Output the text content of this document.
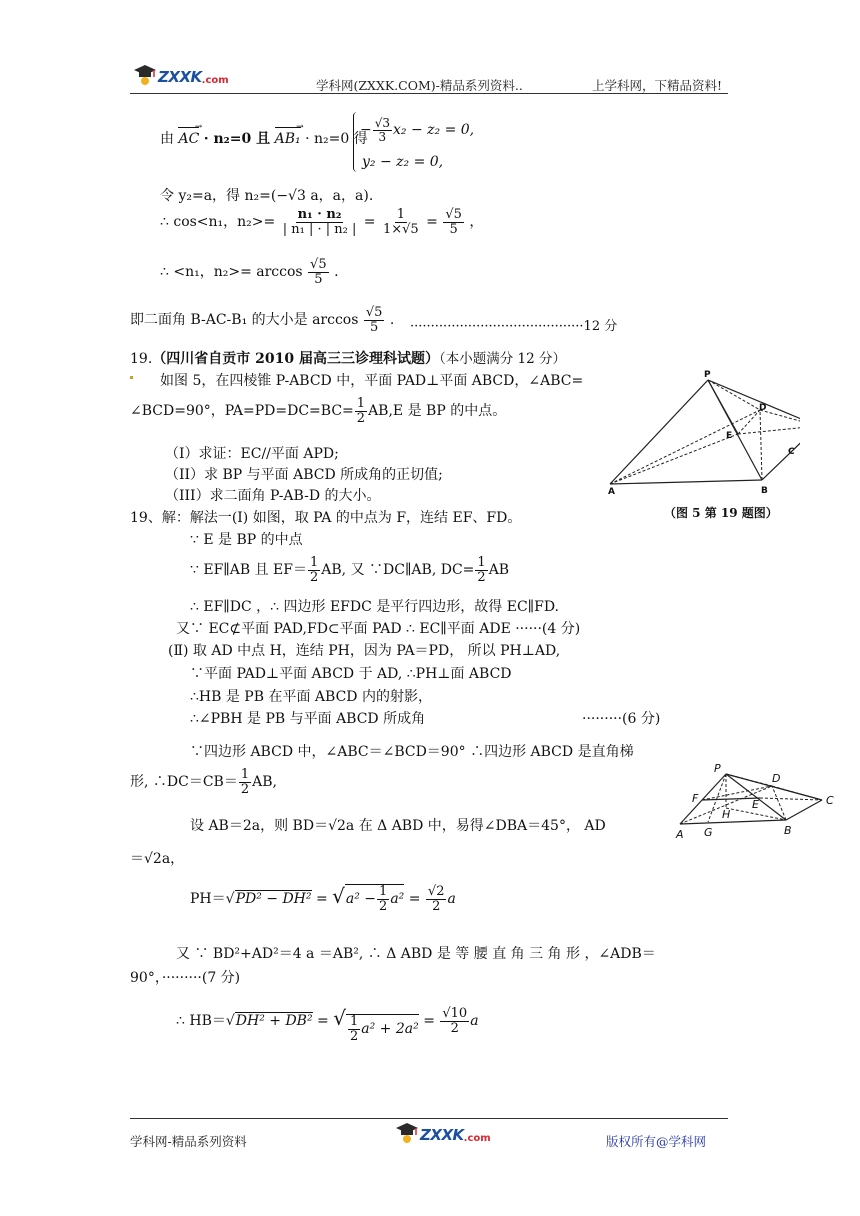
ZXXK .com	学科网(ZXXK.COM)-精品系列资料..	上学科网，下精品资料!
由
→
AC · n₂=0 且
→
AB₁ · n₂=0 得
− $\frac{√3}{3} x_2 - z_2 = 0$,
y₂ − z₂ = 0,
令 y₂=a，得 n₂=(−√3 a，a，a).
∴ cos<n₁，$n_2>= \frac{\text{n₁ · n₂}}{\text{| n₁ | · | n₂ |}} = \frac{1}{1\times√5} = \frac{√5}{5}$ ，
∴ <n₁，$n_2>= \arccos \frac{√5}{5}$ .
即二面角 B-AC-B₁ 的大小是 $\arccos \frac{√5}{5}$ . ··········································12 分
19.（四川省自贡市 2010 届高三三诊理科试题）（本小题满分 12 分）
如图 5，在四棱锥 P-ABCD 中，平面 PAD⊥平面 ABCD，∠ABC=
∠BCD=90°，$PA=PD=DC=BC= \frac{1}{2} AB,E$ 是 BP 的中点。
（I）求证：EC//平面 APD;
（II）求 BP 与平面 ABCD 所成角的正切值;
（III）求二面角 P-AB-D 的大小。
P
D
E
C
A	B
（图 5 第 19 题图）
19、解：解法一(Ⅰ) 如图，取 PA 的中点为 F，连结 EF、FD。
∵ E 是 BP 的中点
∵ EF∥AB 且 $EF= \frac{1}{2}$ AB, 又 ∵DC∥AB, $DC= \frac{1}{2}$ AB
∴ EF∥DC ，∴ 四边形 EFDC 是平行四边形，故得 EC∥FD.
又∵ EC⊄平面 PAD,FD⊂平面 PAD ∴ EC∥平面 ADE ······(4 分)
(Ⅱ) 取 AD 中点 H，连结 PH，因为 PA＝PD， 所以 PH⊥AD,
∵平面 PAD⊥平面 ABCD 于 AD, ∴PH⊥面 ABCD
∴HB 是 PB 在平面 ABCD 内的射影，
∴∠PBH 是 PB 与平面 ABCD 所成角	·········(6 分)
∵四边形 ABCD 中，∠ABC＝∠BCD＝90° ∴四边形 ABCD 是直角梯
形, ∴DC＝CB＝ $\frac{1}{2}$ AB,
设 AB＝2a，则 BD＝√2a 在 Δ ABD 中，易得∠DBA＝45°， AD
＝√2a，
P
D
F	E	C
H
A G	B
PH＝√PD² − DH² = √ $a^2 - \frac{1}{2} a^2 = \frac{√2}{2}$ a
又 ∵ BD²+AD²＝4 a ＝AB², ∴ Δ ABD 是 等 腰 直 角 三 角 形 ，∠ADB＝
90°，·········(7 分)
∴ HB＝√DH² + DB² = √ $\frac{1}{2} a^2 + 2a^2$
= $\frac{√10}{2}$ a
学科网-精品系列资料	ZXXK .com	版权所有@学科网
